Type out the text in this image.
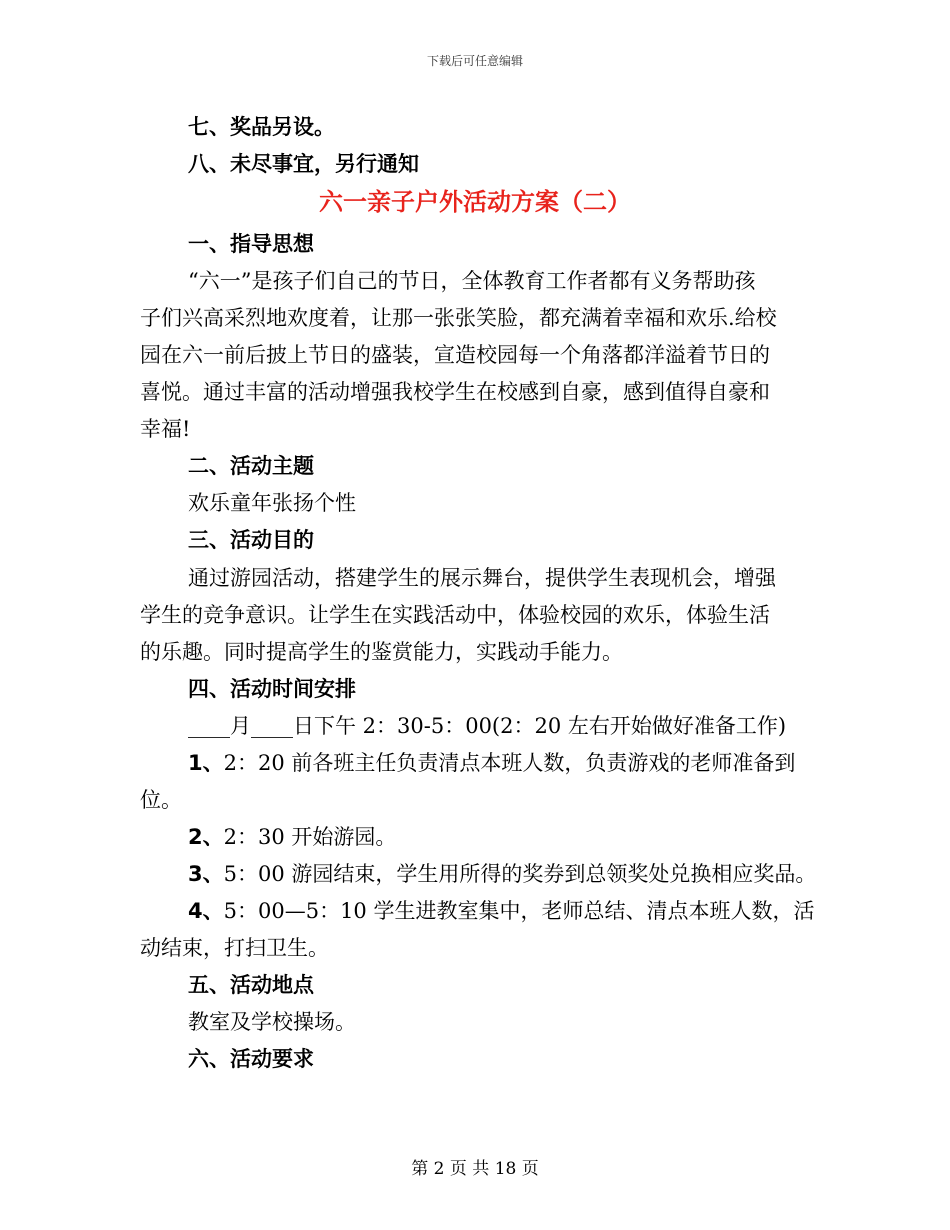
下载后可任意编辑
七、奖品另设。
八、未尽事宜，另行通知
六一亲子户外活动方案（二）
一、指导思想
“六一”是孩子们自己的节日，全体教育工作者都有义务帮助孩
子们兴高采烈地欢度着，让那一张张笑脸，都充满着幸福和欢乐.给校
园在六一前后披上节日的盛装，宣造校园每一个角落都洋溢着节日的
喜悦。通过丰富的活动增强我校学生在校感到自豪，感到值得自豪和
幸福!
二、活动主题
欢乐童年张扬个性
三、活动目的
通过游园活动，搭建学生的展示舞台，提供学生表现机会，增强
学生的竞争意识。让学生在实践活动中，体验校园的欢乐，体验生活
的乐趣。同时提高学生的鉴赏能力，实践动手能力。
四、活动时间安排
____月____日下午 2：30-5：00(2：20 左右开始做好准备工作)
1、2：20 前各班主任负责清点本班人数，负责游戏的老师准备到
位。
2、2：30 开始游园。
3、5：00 游园结束，学生用所得的奖券到总领奖处兑换相应奖品。
4、5：00—5：10 学生进教室集中，老师总结、清点本班人数，活
动结束，打扫卫生。
五、活动地点
教室及学校操场。
六、活动要求
第 2 页 共 18 页
